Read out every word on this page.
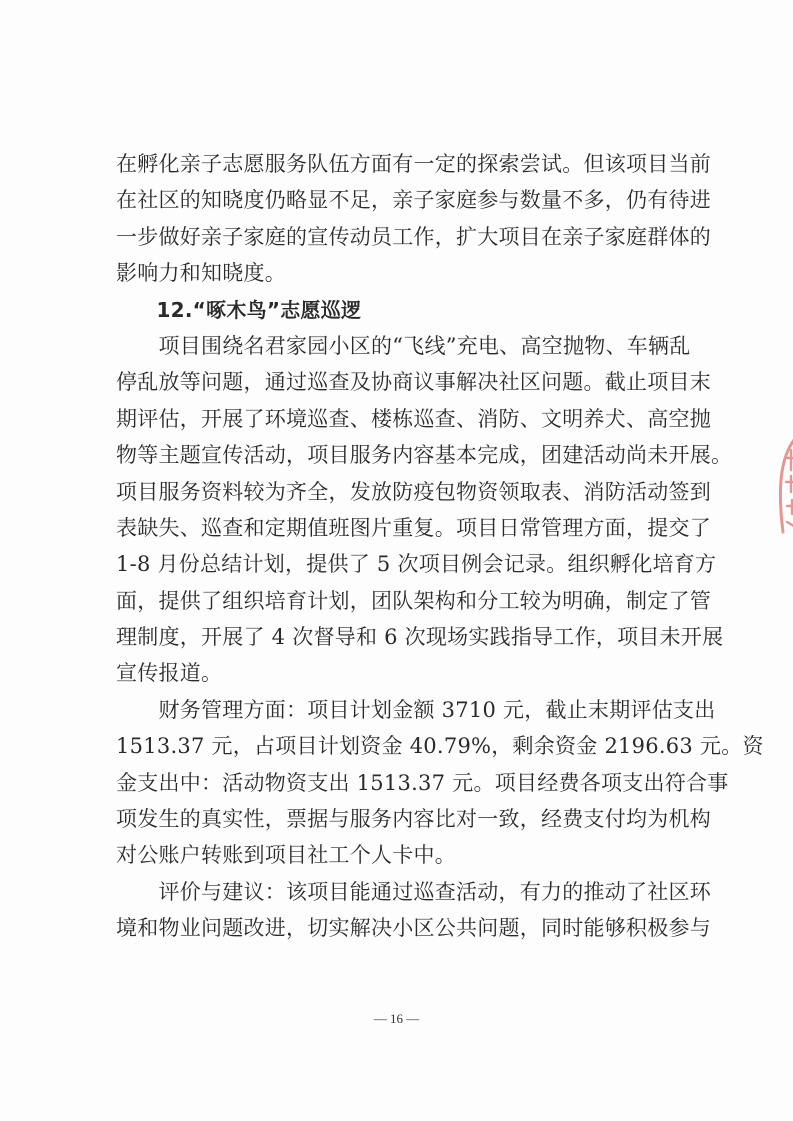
在孵化亲子志愿服务队伍方面有一定的探索尝试。但该项目当前
在社区的知晓度仍略显不足，亲子家庭参与数量不多，仍有待进
一步做好亲子家庭的宣传动员工作，扩大项目在亲子家庭群体的
影响力和知晓度。
　　12.“啄木鸟”志愿巡逻
　　项目围绕名君家园小区的“飞线”充电、高空抛物、车辆乱
停乱放等问题，通过巡查及协商议事解决社区问题。截止项目末
期评估，开展了环境巡查、楼栋巡查、消防、文明养犬、高空抛
物等主题宣传活动，项目服务内容基本完成，团建活动尚未开展。
项目服务资料较为齐全，发放防疫包物资领取表、消防活动签到
表缺失、巡查和定期值班图片重复。项目日常管理方面，提交了
1-8 月份总结计划，提供了 5 次项目例会记录。组织孵化培育方
面，提供了组织培育计划，团队架构和分工较为明确，制定了管
理制度，开展了 4 次督导和 6 次现场实践指导工作，项目未开展
宣传报道。
　　财务管理方面：项目计划金额 3710 元，截止末期评估支出
1513.37 元，占项目计划资金 40.79%，剩余资金 2196.63 元。资
金支出中：活动物资支出 1513.37 元。项目经费各项支出符合事
项发生的真实性，票据与服务内容比对一致，经费支付均为机构
对公账户转账到项目社工个人卡中。
　　评价与建议：该项目能通过巡查活动，有力的推动了社区环
境和物业问题改进，切实解决小区公共问题，同时能够积极参与
— 16 —
